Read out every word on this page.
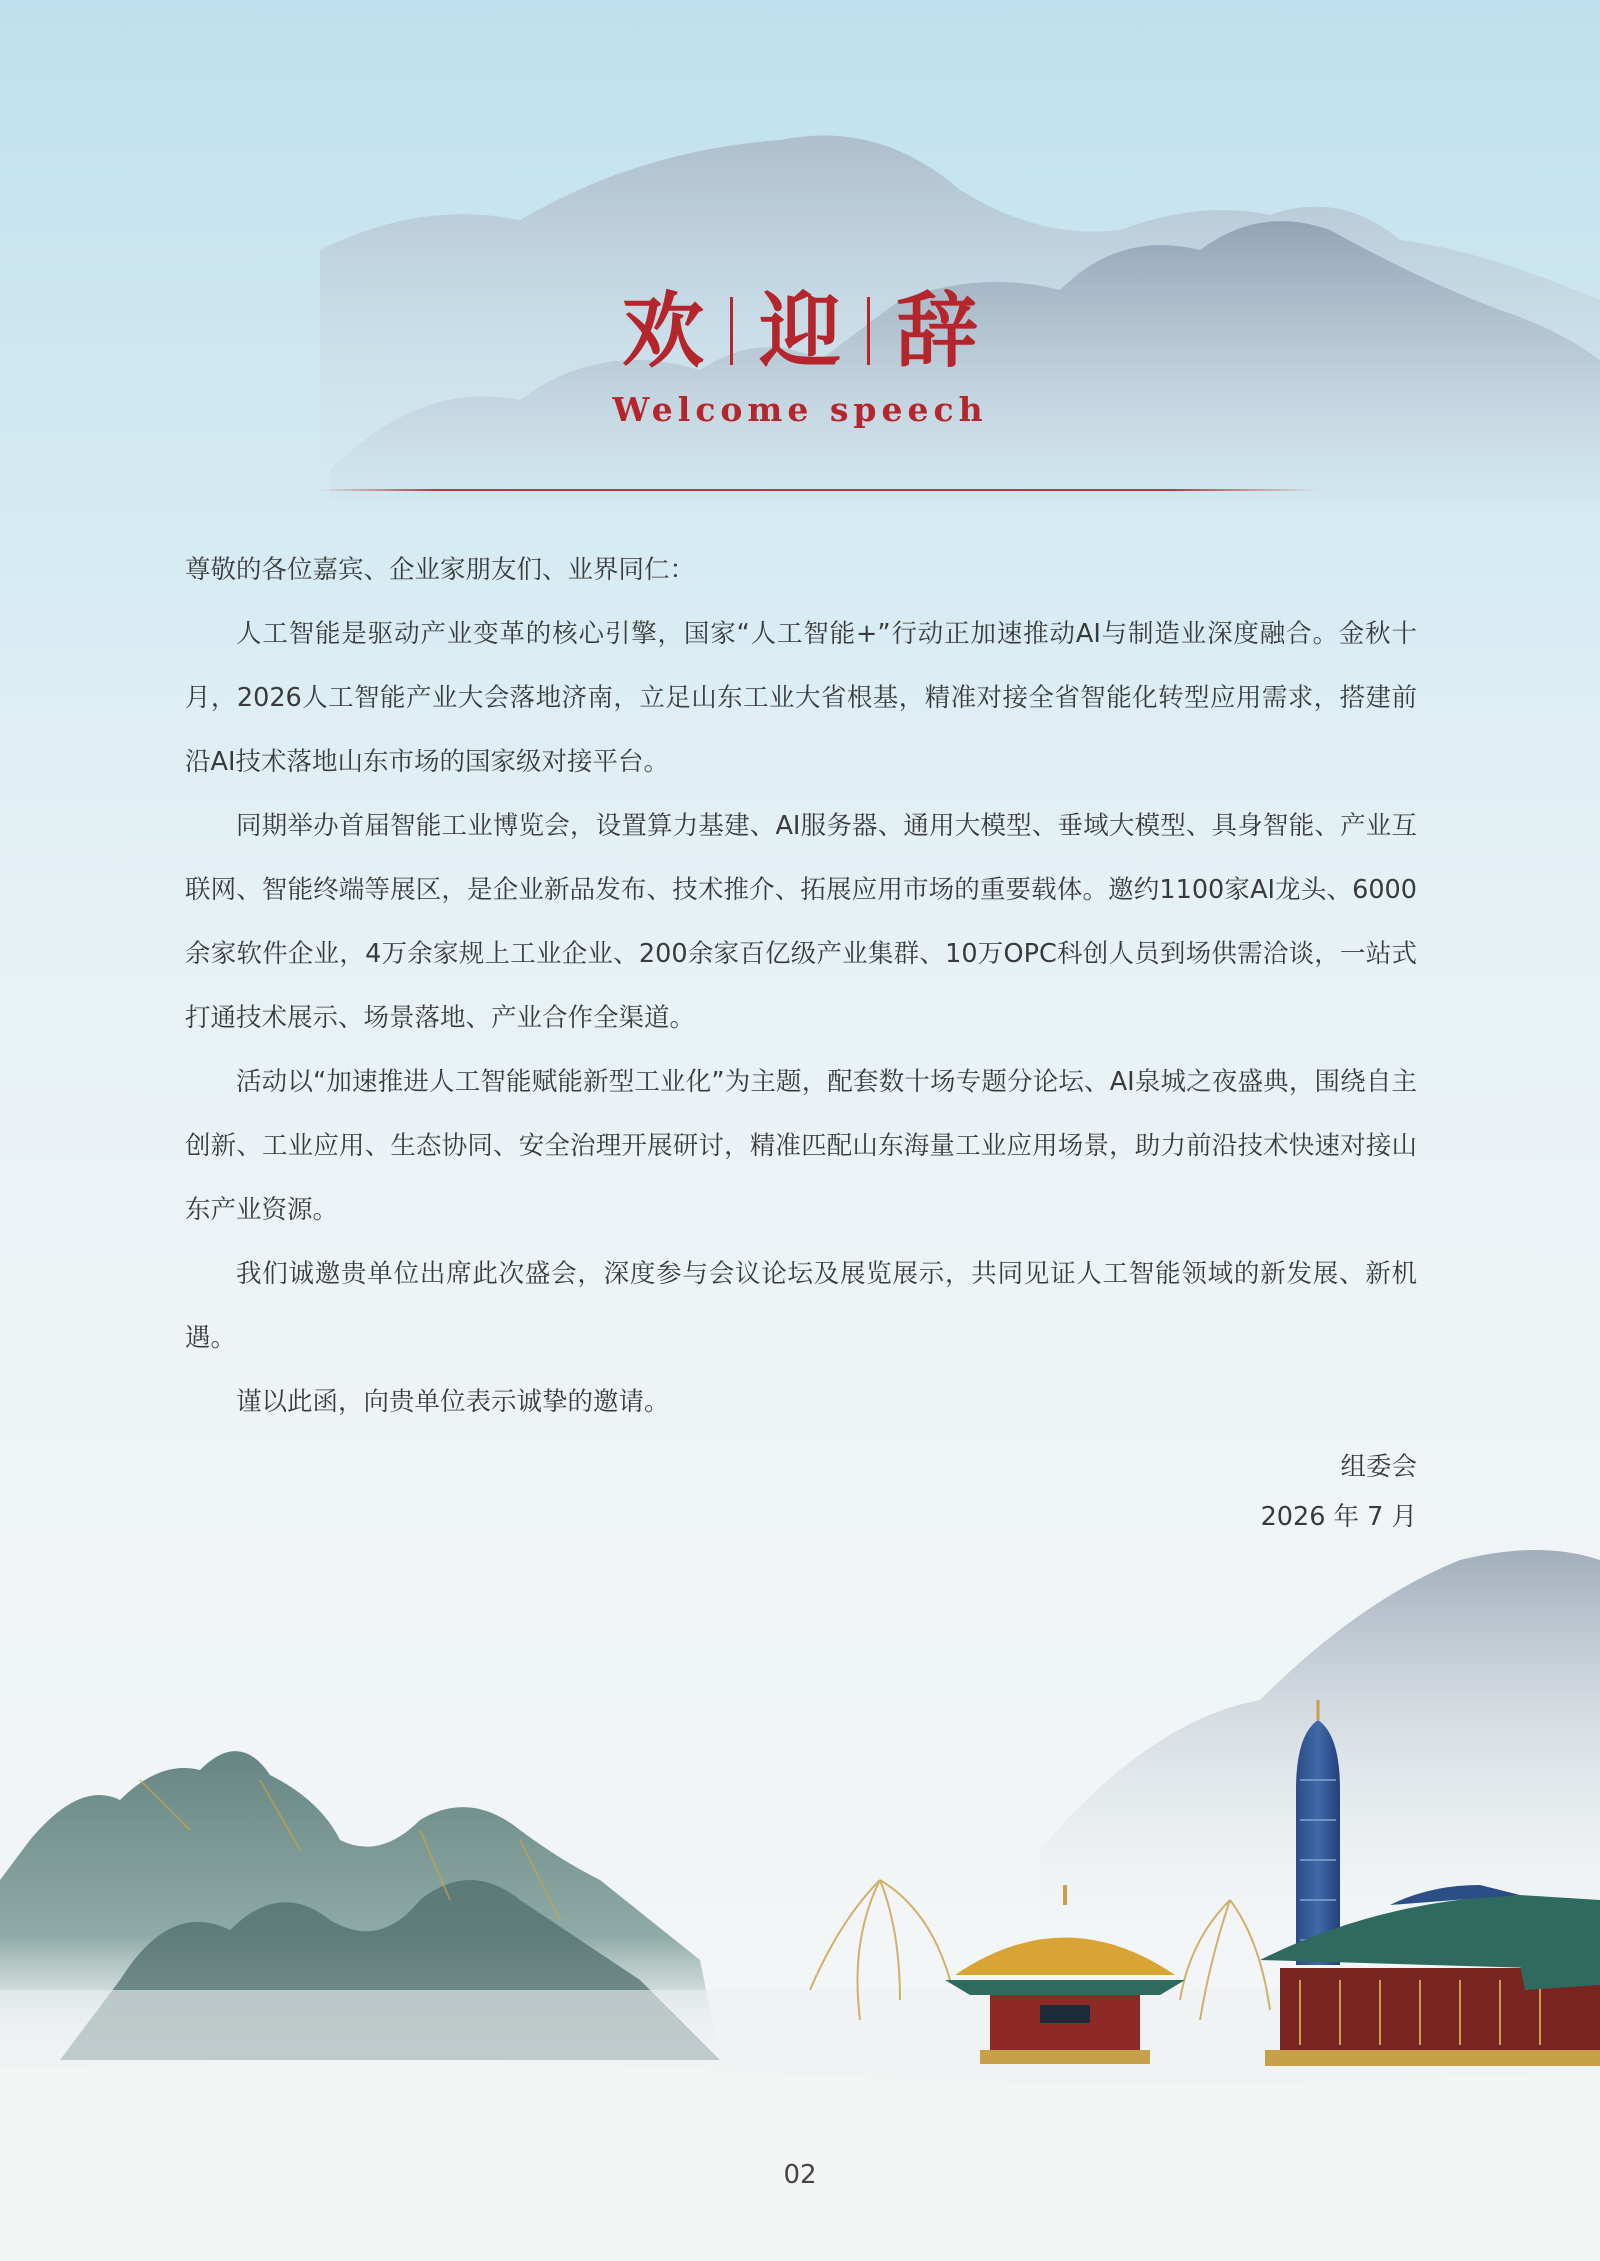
欢 迎 辞
Welcome speech

尊敬的各位嘉宾、企业家朋友们、业界同仁：

人工智能是驱动产业变革的核心引擎，国家“人工智能+”行动正加速推动AI与制造业深度融合。金秋十月，2026人工智能产业大会落地济南，立足山东工业大省根基，精准对接全省智能化转型应用需求，搭建前沿AI技术落地山东市场的国家级对接平台。

同期举办首届智能工业博览会，设置算力基建、AI服务器、通用大模型、垂域大模型、具身智能、产业互联网、智能终端等展区，是企业新品发布、技术推介、拓展应用市场的重要载体。邀约1100家AI龙头、6000余家软件企业，4万余家规上工业企业、200余家百亿级产业集群、10万OPC科创人员到场供需洽谈，一站式打通技术展示、场景落地、产业合作全渠道。

活动以“加速推进人工智能赋能新型工业化”为主题，配套数十场专题分论坛、AI泉城之夜盛典，围绕自主创新、工业应用、生态协同、安全治理开展研讨，精准匹配山东海量工业应用场景，助力前沿技术快速对接山东产业资源。

我们诚邀贵单位出席此次盛会，深度参与会议论坛及展览展示，共同见证人工智能领域的新发展、新机遇。

谨以此函，向贵单位表示诚挚的邀请。

组委会

2026 年 7 月

02
